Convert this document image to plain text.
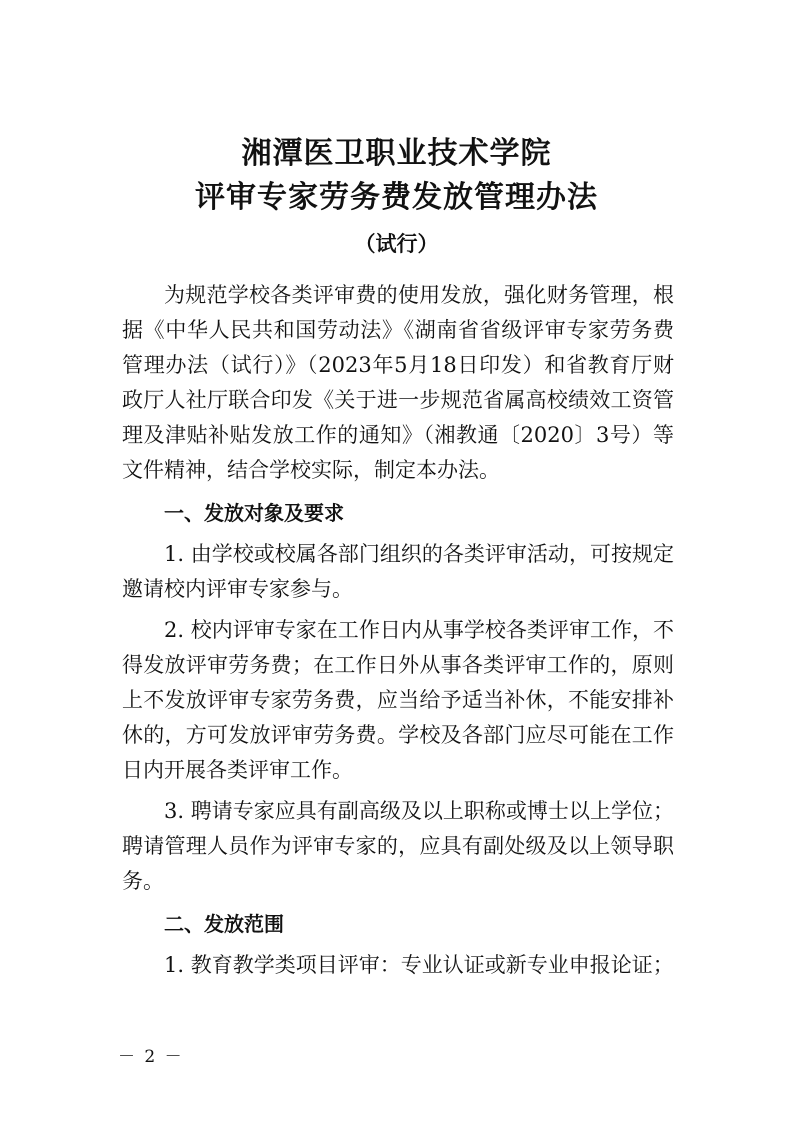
湘潭医卫职业技术学院
评审专家劳务费发放管理办法
（试行）

为规范学校各类评审费的使用发放，强化财务管理，根据《中华人民共和国劳动法》《湖南省省级评审专家劳务费管理办法（试行）》（2023年5月18日印发）和省教育厅财政厅人社厅联合印发《关于进一步规范省属高校绩效工资管理及津贴补贴发放工作的通知》（湘教通〔2020〕3号）等文件精神，结合学校实际，制定本办法。

一、发放对象及要求

1. 由学校或校属各部门组织的各类评审活动，可按规定邀请校内评审专家参与。

2. 校内评审专家在工作日内从事学校各类评审工作，不得发放评审劳务费；在工作日外从事各类评审工作的，原则上不发放评审专家劳务费，应当给予适当补休，不能安排补休的，方可发放评审劳务费。学校及各部门应尽可能在工作日内开展各类评审工作。

3. 聘请专家应具有副高级及以上职称或博士以上学位；聘请管理人员作为评审专家的，应具有副处级及以上领导职务。

二、发放范围

1. 教育教学类项目评审：专业认证或新专业申报论证；

－ 2 －
